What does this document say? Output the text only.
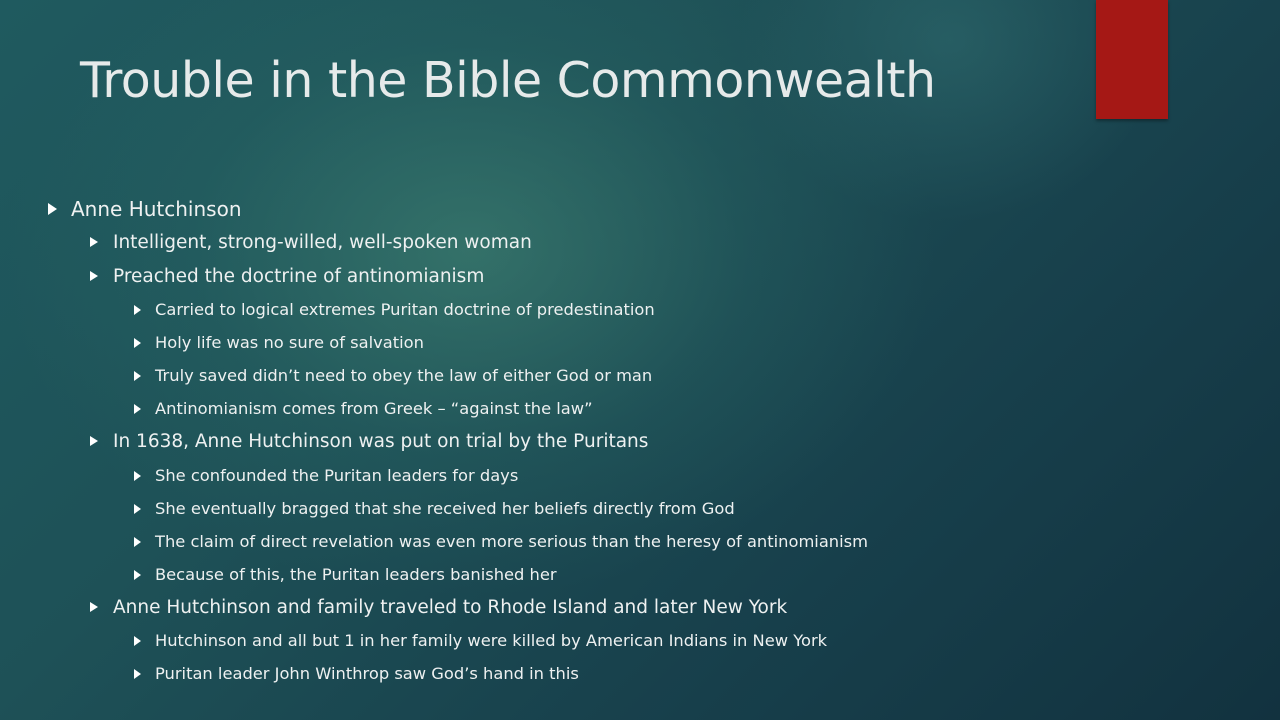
Trouble in the Bible Commonwealth
Anne Hutchinson
Intelligent, strong-willed, well-spoken woman
Preached the doctrine of antinomianism
Carried to logical extremes Puritan doctrine of predestination
Holy life was no sure of salvation
Truly saved didn’t need to obey the law of either God or man
Antinomianism comes from Greek – “against the law”
In 1638, Anne Hutchinson was put on trial by the Puritans
She confounded the Puritan leaders for days
She eventually bragged that she received her beliefs directly from God
The claim of direct revelation was even more serious than the heresy of antinomianism
Because of this, the Puritan leaders banished her
Anne Hutchinson and family traveled to Rhode Island and later New York
Hutchinson and all but 1 in her family were killed by American Indians in New York
Puritan leader John Winthrop saw God’s hand in this
